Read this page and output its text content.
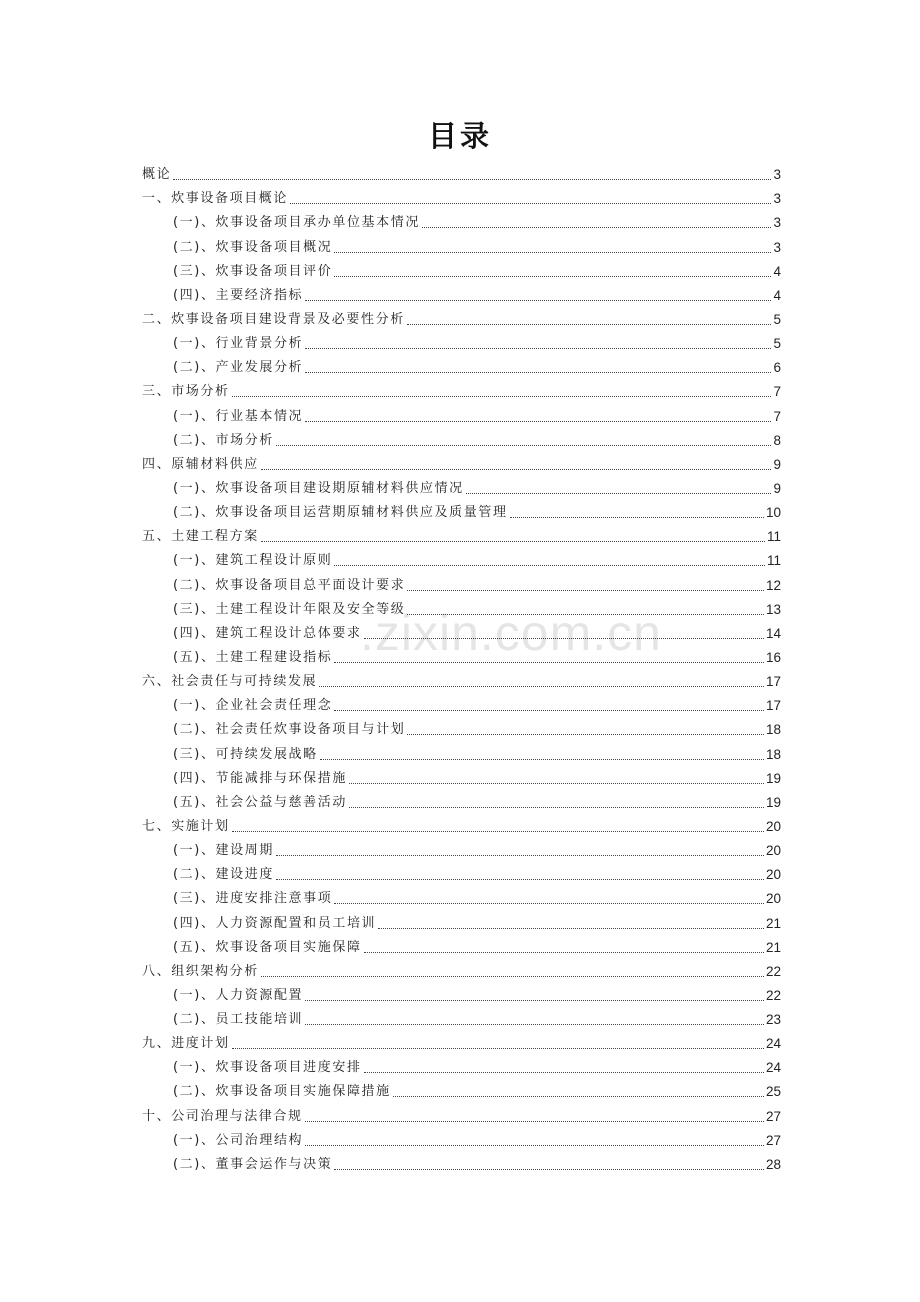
目录
概论	3
一、炊事设备项目概论	3
(一)、炊事设备项目承办单位基本情况	3
(二)、炊事设备项目概况	3
(三)、炊事设备项目评价	4
(四)、主要经济指标	4
二、炊事设备项目建设背景及必要性分析	5
(一)、行业背景分析	5
(二)、产业发展分析	6
三、市场分析	7
(一)、行业基本情况	7
(二)、市场分析	8
四、原辅材料供应	9
(一)、炊事设备项目建设期原辅材料供应情况	9
(二)、炊事设备项目运营期原辅材料供应及质量管理	10
五、土建工程方案	11
(一)、建筑工程设计原则	11
(二)、炊事设备项目总平面设计要求	12
(三)、土建工程设计年限及安全等级	13
(四)、建筑工程设计总体要求	14
(五)、土建工程建设指标	16
六、社会责任与可持续发展	17
(一)、企业社会责任理念	17
(二)、社会责任炊事设备项目与计划	18
(三)、可持续发展战略	18
(四)、节能减排与环保措施	19
(五)、社会公益与慈善活动	19
七、实施计划	20
(一)、建设周期	20
(二)、建设进度	20
(三)、进度安排注意事项	20
(四)、人力资源配置和员工培训	21
(五)、炊事设备项目实施保障	21
八、组织架构分析	22
(一)、人力资源配置	22
(二)、员工技能培训	23
九、进度计划	24
(一)、炊事设备项目进度安排	24
(二)、炊事设备项目实施保障措施	25
十、公司治理与法律合规	27
(一)、公司治理结构	27
(二)、董事会运作与决策	28
.zixin.com.cn
